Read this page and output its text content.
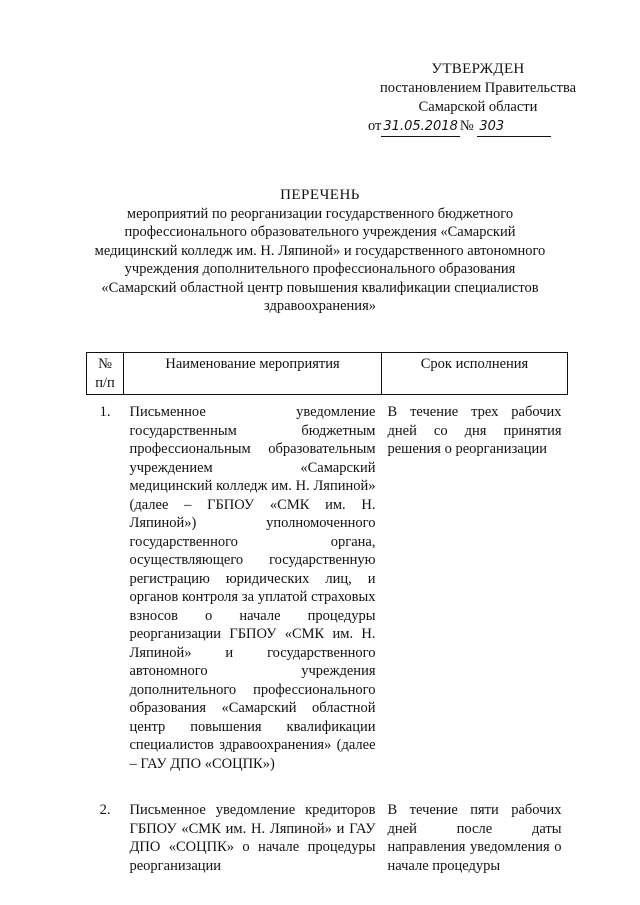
УТВЕРЖДЕН
постановлением Правительства
Самарской области
от 31.05.2018 № 303
ПЕРЕЧЕНЬ
мероприятий по реорганизации государственного бюджетного профессионального образовательного учреждения «Самарский медицинский колледж им. Н. Ляпиной» и государственного автономного учреждения дополнительного профессионального образования «Самарский областной центр повышения квалификации специалистов здравоохранения»
№ п/п	Наименование мероприятия	Срок исполнения
1.	Письменное уведомление государственным бюджетным профессиональным образовательным учреждением «Самарский медицинский колледж им. Н. Ляпиной» (далее – ГБПОУ «СМК им. Н. Ляпиной») уполномоченного государственного органа, осуществляющего государственную регистрацию юридических лиц, и органов контроля за уплатой страховых взносов о начале процедуры реорганизации ГБПОУ «СМК им. Н. Ляпиной» и государственного автономного учреждения дополнительного профессионального образования «Самарский областной центр повышения квалификации специалистов здравоохранения» (далее – ГАУ ДПО «СОЦПК»)	В течение трех рабочих дней со дня принятия решения о реорганизации
2.	Письменное уведомление кредиторов ГБПОУ «СМК им. Н. Ляпиной» и ГАУ ДПО «СОЦПК» о начале процедуры реорганизации	В течение пяти рабочих дней после даты направления уведомления о начале процедуры
